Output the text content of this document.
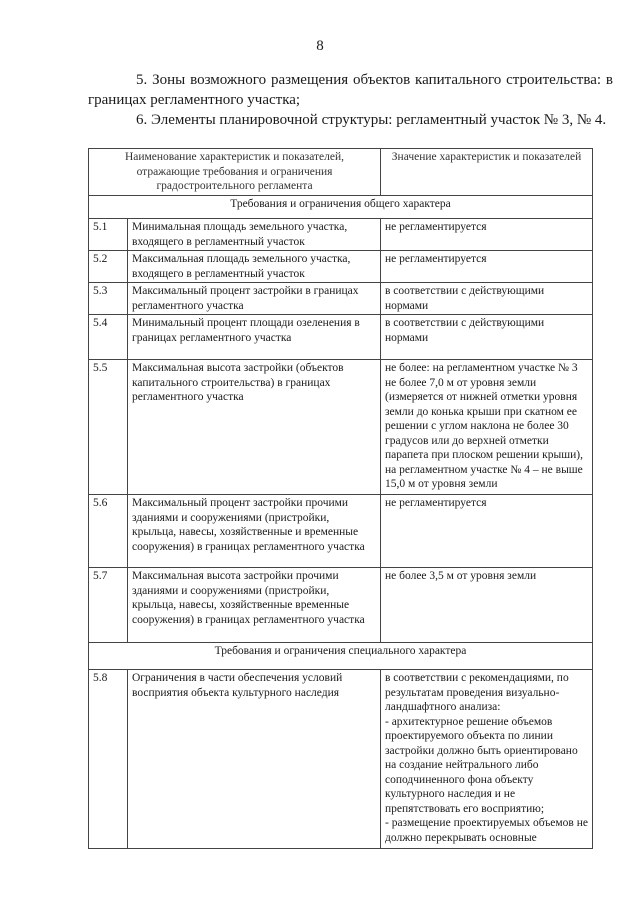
8

5. Зоны возможного размещения объектов капитального строительства: в границах регламентного участка;

6. Элементы планировочной структуры: регламентный участок № 3, № 4.

Наименование характеристик и показателей, отражающие требования и ограничения градостроительного регламента		Значение характеристик и показателей
Требования и ограничения общего характера		
5.1	Минимальная площадь земельного участка, входящего в регламентный участок	не регламентируется
5.2	Максимальная площадь земельного участка, входящего в регламентный участок	не регламентируется
5.3	Максимальный процент застройки в границах регламентного участка	в соответствии с действующими нормами
5.4	Минимальный процент площади озеленения в границах регламентного участка	в соответствии с действующими нормами
5.5	Максимальная высота застройки (объектов капитального строительства) в границах регламентного участка	не более: на регламентном участке № 3 не более 7,0 м от уровня земли (измеряется от нижней отметки уровня земли до конька крыши при скатном ее решении с углом наклона не более 30 градусов или до верхней отметки парапета при плоском решении крыши), на регламентном участке № 4 – не выше 15,0 м от уровня земли
5.6	Максимальный процент застройки прочими зданиями и сооружениями (пристройки, крыльца, навесы, хозяйственные и временные сооружения) в границах регламентного участка	не регламентируется
5.7	Максимальная высота застройки прочими зданиями и сооружениями (пристройки, крыльца, навесы, хозяйственные временные сооружения) в границах регламентного участка	не более 3,5 м от уровня земли
Требования и ограничения специального характера		
5.8	Ограничения в части обеспечения условий восприятия объекта культурного наследия	в соответствии с рекомендациями, по результатам проведения визуально-ландшафтного анализа:
- архитектурное решение объемов проектируемого объекта по линии застройки должно быть ориентировано на создание нейтрального либо соподчиненного фона объекту культурного наследия и не препятствовать его восприятию;
- размещение проектируемых объемов не должно перекрывать основные
